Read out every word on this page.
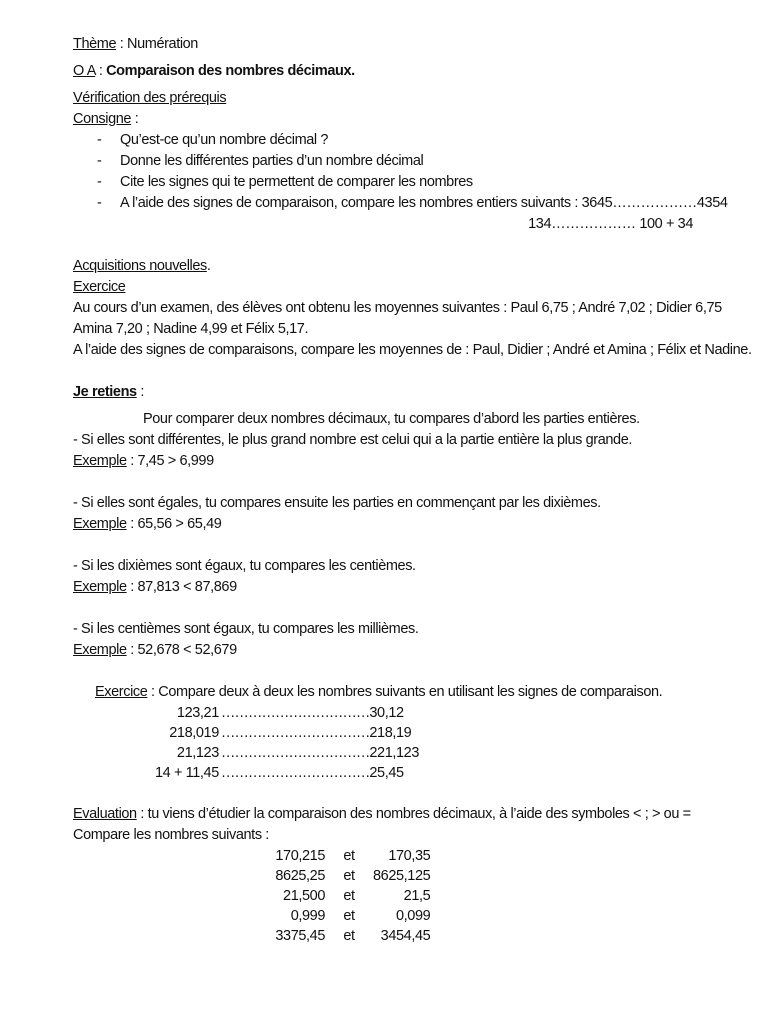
Thème : Numération
O A : Comparaison des nombres décimaux.
Vérification des prérequis
Consigne :
- Qu’est-ce qu’un nombre décimal ?
- Donne les différentes parties d’un nombre décimal
- Cite les signes qui te permettent de comparer les nombres
- A l’aide des signes de comparaison, compare les nombres entiers suivants : 3645………………4354
134……………… 100 + 34
Acquisitions nouvelles.
Exercice
Au cours d’un examen, des élèves ont obtenu les moyennes suivantes : Paul 6,75 ; André 7,02 ; Didier 6,75
Amina 7,20 ; Nadine 4,99 et Félix 5,17.
A l’aide des signes de comparaisons, compare les moyennes de : Paul, Didier ; André et Amina ; Félix et Nadine.
Je retiens :
Pour comparer deux nombres décimaux, tu compares d’abord les parties entières.
- Si elles sont différentes, le plus grand nombre est celui qui a la partie entière la plus grande.
Exemple : 7,45 > 6,999
- Si elles sont égales, tu compares ensuite les parties en commençant par les dixièmes.
Exemple : 65,56 > 65,49
- Si les dixièmes sont égaux, tu compares les centièmes.
Exemple : 87,813 < 87,869
- Si les centièmes sont égaux, tu compares les millièmes.
Exemple : 52,678 < 52,679
Exercice : Compare deux à deux les nombres suivants en utilisant les signes de comparaison.
123,21	……………………………	30,12
218,019	……………………………	218,19
21,123	……………………………	221,123
14 + 11,45	……………………………	25,45
Evaluation : tu viens d’étudier la comparaison des nombres décimaux, à l’aide des symboles < ; > ou =
Compare les nombres suivants :
170,215	et	170,35
8625,25	et	8625,125
21,500	et	21,5
0,999	et	0,099
3375,45	et	3454,45
